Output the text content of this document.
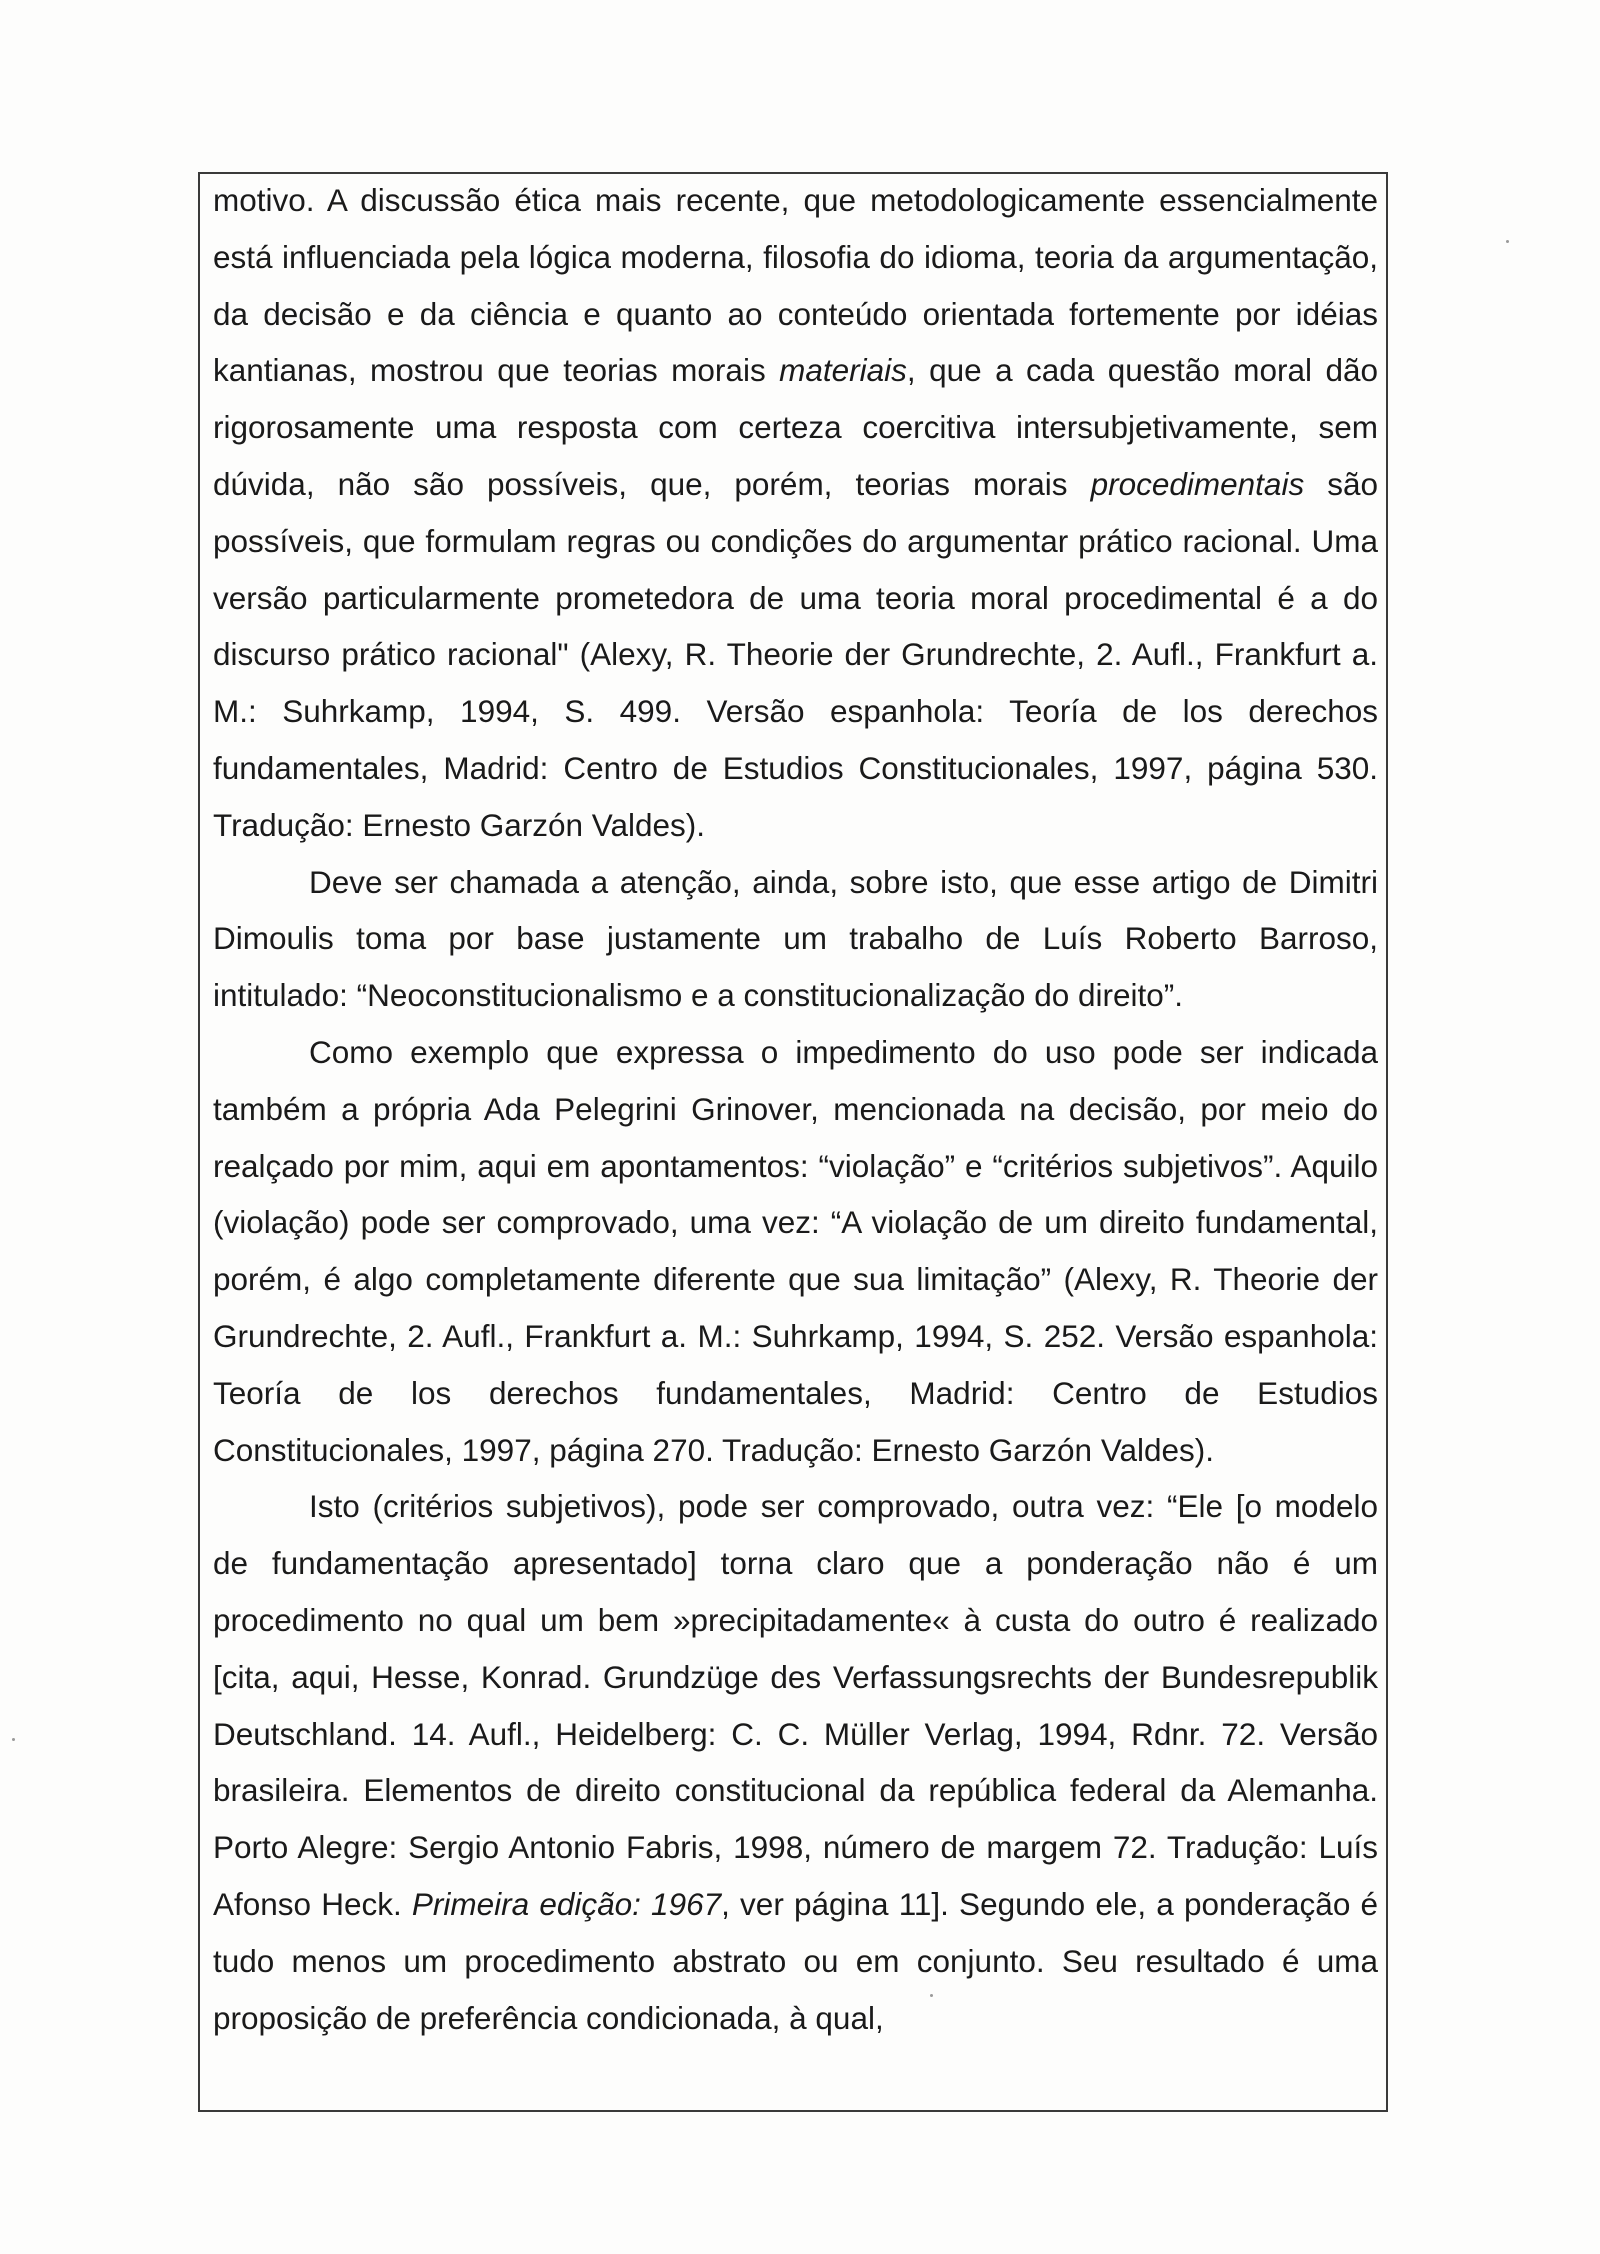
motivo. A discussão ética mais recente, que metodologicamente essencialmente está influenciada pela lógica moderna, filosofia do idioma, teoria da argumentação, da decisão e da ciência e quanto ao conteúdo orientada fortemente por idéias kantianas, mostrou que teorias morais materiais, que a cada questão moral dão rigorosamente uma resposta com certeza coercitiva intersubjetivamente, sem dúvida, não são possíveis, que, porém, teorias morais procedimentais são possíveis, que formulam regras ou condições do argumentar prático racional. Uma versão particularmente prometedora de uma teoria moral procedimental é a do discurso prático racional" (Alexy, R. Theorie der Grundrechte, 2. Aufl., Frankfurt a. M.: Suhrkamp, 1994, S. 499. Versão espanhola: Teoría de los derechos fundamentales, Madrid: Centro de Estudios Constitucionales, 1997, página 530. Tradução: Ernesto Garzón Valdes).

Deve ser chamada a atenção, ainda, sobre isto, que esse artigo de Dimitri Dimoulis toma por base justamente um trabalho de Luís Roberto Barroso, intitulado: “Neoconstitucionalismo e a constitucionalização do direito”.

Como exemplo que expressa o impedimento do uso pode ser indicada também a própria Ada Pelegrini Grinover, mencionada na decisão, por meio do realçado por mim, aqui em apontamentos: “violação” e “critérios subjetivos”. Aquilo (violação) pode ser comprovado, uma vez: “A violação de um direito fundamental, porém, é algo completamente diferente que sua limitação” (Alexy, R. Theorie der Grundrechte, 2. Aufl., Frankfurt a. M.: Suhrkamp, 1994, S. 252. Versão espanhola: Teoría de los derechos fundamentales, Madrid: Centro de Estudios Constitucionales, 1997, página 270. Tradução: Ernesto Garzón Valdes).

Isto (critérios subjetivos), pode ser comprovado, outra vez: “Ele [o modelo de fundamentação apresentado] torna claro que a ponderação não é um procedimento no qual um bem »precipitadamente« à custa do outro é realizado [cita, aqui, Hesse, Konrad. Grundzüge des Verfassungsrechts der Bundesrepublik Deutschland. 14. Aufl., Heidelberg: C. C. Müller Verlag, 1994, Rdnr. 72. Versão brasileira. Elementos de direito constitucional da república federal da Alemanha. Porto Alegre: Sergio Antonio Fabris, 1998, número de margem 72. Tradução: Luís Afonso Heck. Primeira edição: 1967, ver página 11]. Segundo ele, a ponderação é tudo menos um procedimento abstrato ou em conjunto. Seu resultado é uma proposição de preferência condicionada, à qual,
